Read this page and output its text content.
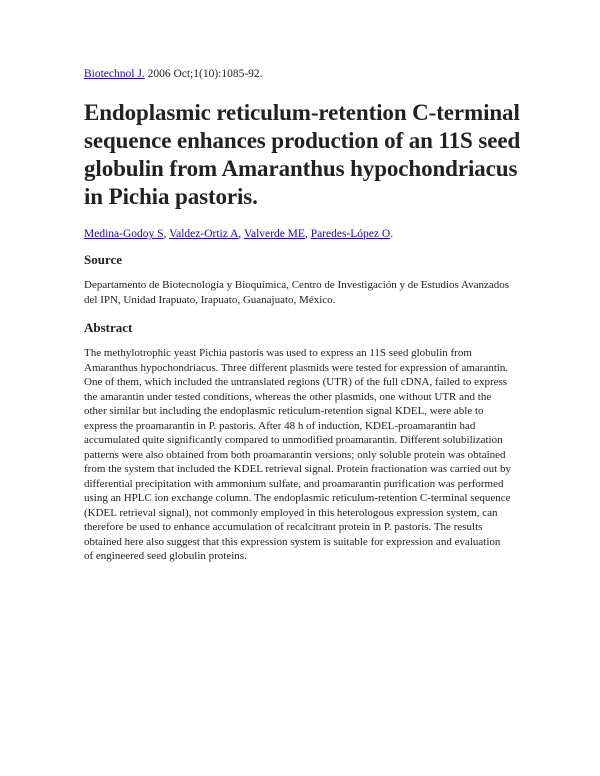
Biotechnol J. 2006 Oct;1(10):1085-92.

Endoplasmic reticulum-retention C-terminal sequence enhances production of an 11S seed globulin from Amaranthus hypochondriacus in Pichia pastoris.

Medina-Godoy S, Valdez-Ortiz A, Valverde ME, Paredes-López O.

Source

Departamento de Biotecnología y Bioquímica, Centro de Investigación y de Estudios Avanzados del IPN, Unidad Irapuato, Irapuato, Guanajuato, México.

Abstract

The methylotrophic yeast Pichia pastoris was used to express an 11S seed globulin from Amaranthus hypochondriacus. Three different plasmids were tested for expression of amarantin. One of them, which included the untranslated regions (UTR) of the full cDNA, failed to express the amarantin under tested conditions, whereas the other plasmids, one without UTR and the other similar but including the endoplasmic reticulum-retention signal KDEL, were able to express the proamarantin in P. pastoris. After 48 h of induction, KDEL-proamarantin had accumulated quite significantly compared to unmodified proamarantin. Different solubilization patterns were also obtained from both proamarantin versions; only soluble protein was obtained from the system that included the KDEL retrieval signal. Protein fractionation was carried out by differential precipitation with ammonium sulfate, and proamarantin purification was performed using an HPLC ion exchange column. The endoplasmic reticulum-retention C-terminal sequence (KDEL retrieval signal), not commonly employed in this heterologous expression system, can therefore be used to enhance accumulation of recalcitrant protein in P. pastoris. The results obtained here also suggest that this expression system is suitable for expression and evaluation of engineered seed globulin proteins.
